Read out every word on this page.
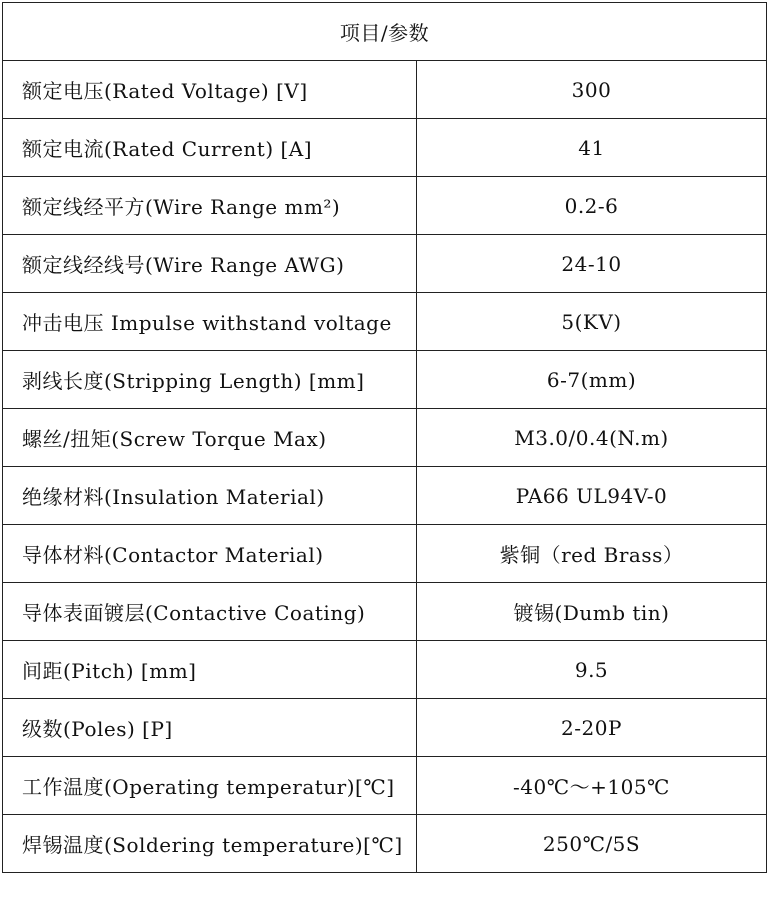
项目/参数	
额定电压(Rated Voltage) [V]	300
额定电流(Rated Current) [A]	41
额定线经平方(Wire Range mm²)	0.2-6
额定线经线号(Wire Range AWG)	24-10
冲击电压 Impulse withstand voltage	5(KV)
剥线长度(Stripping Length) [mm]	6-7(mm)
螺丝/扭矩(Screw Torque Max)	M3.0/0.4(N.m)
绝缘材料(Insulation Material)	PA66 UL94V-0
导体材料(Contactor Material)	紫铜（red Brass）
导体表面镀层(Contactive Coating)	镀锡(Dumb tin)
间距(Pitch) [mm]	9.5
级数(Poles) [P]	2-20P
工作温度(Operating temperatur)[℃]	-40℃～+105℃
焊锡温度(Soldering temperature)[℃]	250℃/5S
